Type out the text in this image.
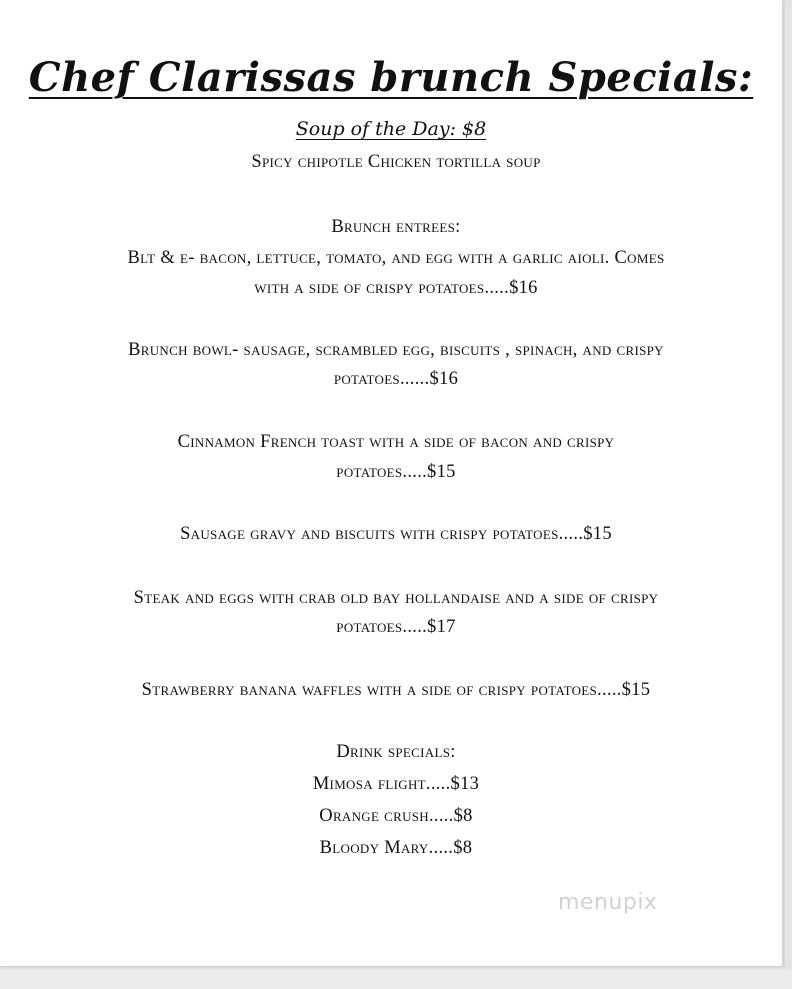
Chef Clarissas brunch Specials:
Soup of the Day: $8
Spicy chipotle Chicken tortilla soup
Brunch entrees:
Blt & e- bacon, lettuce, tomato, and egg with a garlic aioli. Comes
with a side of crispy potatoes.....$16
Brunch bowl- sausage, scrambled egg, biscuits , spinach, and crispy
potatoes......$16
Cinnamon French toast with a side of bacon and crispy
potatoes.....$15
Sausage gravy and biscuits with crispy potatoes.....$15
Steak and eggs with crab old bay hollandaise and a side of crispy
potatoes.....$17
Strawberry banana waffles with a side of crispy potatoes.....$15
Drink specials:
Mimosa flight.....$13
Orange crush.....$8
Bloody Mary.....$8
menupix
